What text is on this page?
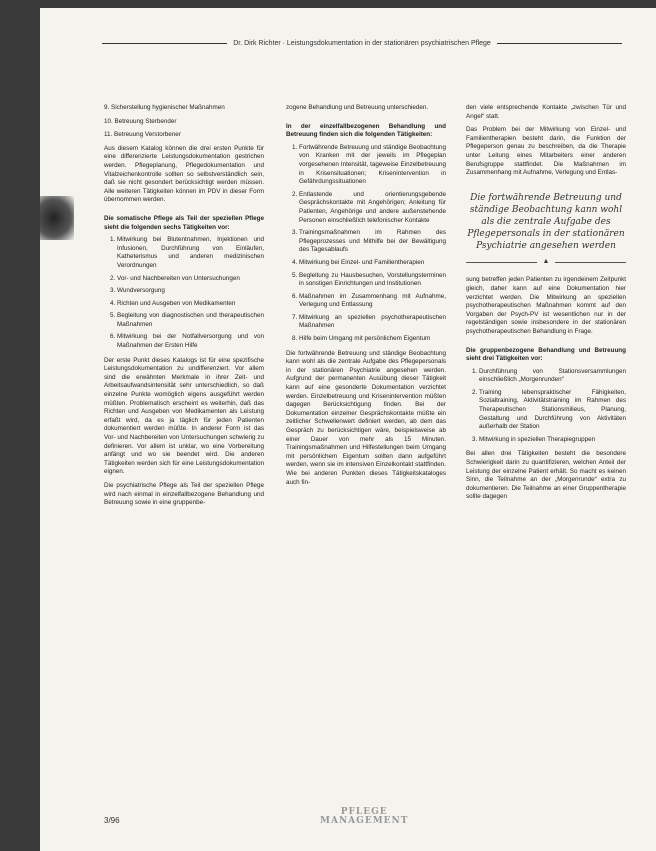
Dr. Dirk Richter · Leistungsdokumentation in der stationären psychiatrischen Pflege

9. Sicherstellung hygienischer Maßnahmen

10. Betreuung Sterbender

11. Betreuung Verstorbener

Aus diesem Katalog können die drei ersten Punkte für eine differenzierte Leistungsdokumentation gestrichen werden. Pflegeplanung, Pflegedokumentation und Vitalzeichenkontrolle sollten so selbstverständlich sein, daß sie nicht gesondert berücksichtigt werden müssen. Alle weiteren Tätigkeiten können im PDV in dieser Form übernommen werden.

Die somatische Pflege als Teil der speziellen Pflege sieht die folgenden sechs Tätigkeiten vor:

1. Mitwirkung bei Blutentnahmen, Injektionen und Infusionen, Durchführung von Einläufen, Katheterismus und anderen medizinischen Verordnungen
2. Vor- und Nachbereiten von Untersuchungen
3. Wundversorgung
4. Richten und Ausgeben von Medikamenten
5. Begleitung von diagnostischen und therapeutischen Maßnahmen
6. Mitwirkung bei der Notfallversorgung und von Maßnahmen der Ersten Hilfe

Der erste Punkt dieses Katalogs ist für eine spezifische Leistungsdokumentation zu undifferenziert. Vor allem sind die erwähnten Merkmale in ihrer Zeit- und Arbeitsaufwandsintensität sehr unterschiedlich, so daß einzelne Punkte womöglich eigens ausgeführt werden müßten. Problematisch erscheint es weiterhin, daß das Richten und Ausgeben von Medikamenten als Leistung erfaßt wird, da es ja täglich für jeden Patienten dokumentiert werden müßte. In anderer Form ist das Vor- und Nachbereiten von Untersuchungen schwierig zu definieren. Vor allem ist unklar, wo eine Vorbereitung anfängt und wo sie beendet wird. Die anderen Tätigkeiten werden sich für eine Leistungsdokumentation eignen.

Die psychiatrische Pflege als Teil der speziellen Pflege wird nach einmal in einzelfallbezogene Behandlung und Betreuung sowie in eine gruppenbe-

zogene Behandlung und Betreuung unterschieden.

In der einzelfallbezogenen Behandlung und Betreuung finden sich die folgenden Tätigkeiten:

1. Fortwährende Betreuung und ständige Beobachtung von Kranken mit der jeweils im Pflegeplan vorgesehenen Intensität, tageweise Einzelbetreuung in Krisensituationen; Krisenintervention in Gefährdungssituationen
2. Entlastende und orientierungsgebende Gesprächskontakte mit Angehörigen; Anleitung für Patienten, Angehörige und andere außenstehende Personen einschließlich telefonischer Kontakte
3. Trainingsmaßnahmen im Rahmen des Pflegeprozesses und Mithilfe bei der Bewältigung des Tagesablaufs
4. Mitwirkung bei Einzel- und Familientherapien
5. Begleitung zu Hausbesuchen, Vorstellungsterminen in sonstigen Einrichtungen und Institutionen
6. Maßnahmen im Zusammenhang mit Aufnahme, Verlegung und Entlassung
7. Mitwirkung an speziellen psychotherapeutischen Maßnahmen
8. Hilfe beim Umgang mit persönlichem Eigentum

Die fortwährende Betreuung und ständige Beobachtung kann wohl als die zentrale Aufgabe des Pflegepersonals in der stationären Psychiatrie angesehen werden. Aufgrund der permanenten Ausübung dieser Tätigkeit kann auf eine gesonderte Dokumentation verzichtet werden. Einzelbetreuung und Krisenintervention müßten dagegen Berücksichtigung finden. Bei der Dokumentation einzelner Gesprächskontakte müßte ein zeitlicher Schwellenwert definiert werden, ab dem das Gespräch zu berücksichtigen wäre, beispielsweise ab einer Dauer von mehr als 15 Minuten. Trainingsmaßnahmen und Hilfestellungen beim Umgang mit persönlichem Eigentum sollten dann aufgeführt werden, wenn sie im intensiven Einzelkontakt stattfinden. Wie bei anderen Punkten dieses Tätigkeitskataloges auch fin-

den viele entsprechende Kontakte „zwischen Tür und Angel“ statt.

Das Problem bei der Mitwirkung von Einzel- und Familientherapien besteht darin, die Funktion der Pflegeperson genau zu beschreiben, da die Therapie unter Leitung eines Mitarbeiters einer anderen Berufsgruppe stattfindet. Die Maßnahmen im Zusammenhang mit Aufnahme, Verlegung und Entlas-

Die fortwährende Betreuung und ständige Beobachtung kann wohl als die zentrale Aufgabe des Pflegepersonals in der stationären Psychiatrie angesehen werden
▲

sung betreffen jeden Patienten zu irgendeinem Zeitpunkt gleich, daher kann auf eine Dokumentation hier verzichtet werden. Die Mitwirkung an speziellen psychotherapeutischen Maßnahmen kommt auf den Vorgaben der Psych-PV ist wesentlichen nur in der regelständigen sowie insbesondere in der stationären psychotherapeutischen Behandlung in Frage.

Die gruppenbezogene Behandlung und Betreuung sieht drei Tätigkeiten vor:

1. Durchführung von Stationsversammlungen einschließlich „Morgenrunden“
2. Training lebenspraktischer Fähigkeiten, Sozialtraining, Aktivitätstraining im Rahmen des Therapeutischen Stationsmilieus, Planung, Gestaltung und Durchführung von Aktivitäten außerhalb der Station
3. Mitwirkung in speziellen Therapiegruppen

Bei allen drei Tätigkeiten besteht die besondere Schwierigkeit darin zu quantifizieren, welchen Anteil der Leistung der einzelne Patient erhält. So macht es keinen Sinn, die Teilnahme an der „Morgenrunde“ extra zu dokumentieren. Die Teilnahme an einer Gruppentherapie sollte dagegen

3/96
PFLEGE
MANAGEMENT
